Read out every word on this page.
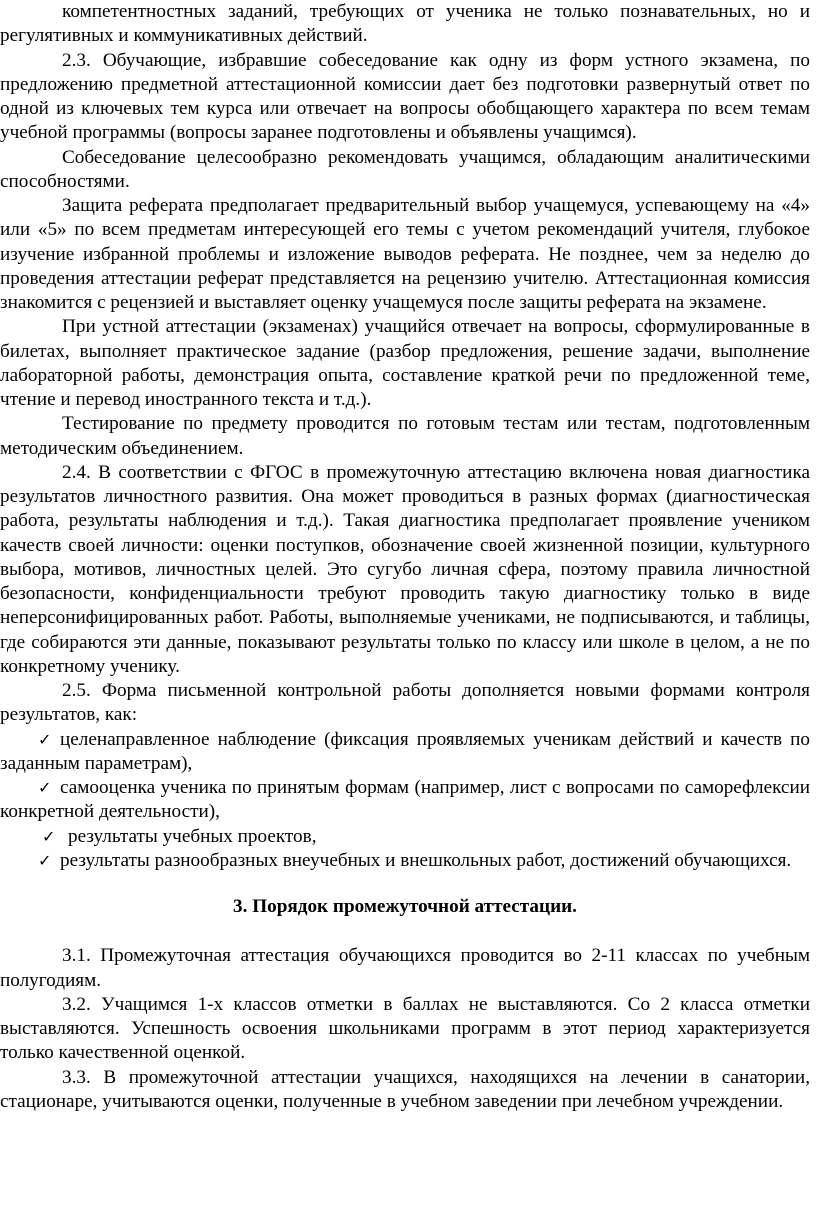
компетентностных заданий, требующих от ученика не только познавательных, но и регулятивных и коммуникативных действий.

2.3. Обучающие, избравшие собеседование как одну из форм устного экзамена, по предложению предметной аттестационной комиссии дает без подготовки развернутый ответ по одной из ключевых тем курса или отвечает на вопросы обобщающего характера по всем темам учебной программы (вопросы заранее подготовлены и объявлены учащимся).

Собеседование целесообразно рекомендовать учащимся, обладающим аналитическими способностями.

Защита реферата предполагает предварительный выбор учащемуся, успевающему на «4» или «5» по всем предметам интересующей его темы с учетом рекомендаций учителя, глубокое изучение избранной проблемы и изложение выводов реферата. Не позднее, чем за неделю до проведения аттестации реферат представляется на рецензию учителю. Аттестационная комиссия знакомится с рецензией и выставляет оценку учащемуся после защиты реферата на экзамене.

При устной аттестации (экзаменах) учащийся отвечает на вопросы, сформулированные в билетах, выполняет практическое задание (разбор предложения, решение задачи, выполнение лабораторной работы, демонстрация опыта, составление краткой речи по предложенной теме, чтение и перевод иностранного текста и т.д.).

Тестирование по предмету проводится по готовым тестам или тестам, подготовленным методическим объединением.

2.4. В соответствии с ФГОС в промежуточную аттестацию включена новая диагностика результатов личностного развития. Она может проводиться в разных формах (диагностическая работа, результаты наблюдения и т.д.). Такая диагностика предполагает проявление учеником качеств своей личности: оценки поступков, обозначение своей жизненной позиции, культурного выбора, мотивов, личностных целей. Это сугубо личная сфера, поэтому правила личностной безопасности, конфиденциальности требуют проводить такую диагностику только в виде неперсонифицированных работ. Работы, выполняемые учениками, не подписываются, и таблицы, где собираются эти данные, показывают результаты только по классу или школе в целом, а не по конкретному ученику.

2.5. Форма письменной контрольной работы дополняется новыми формами контроля результатов, как:

✓ целенаправленное наблюдение (фиксация проявляемых ученикам действий и качеств по заданным параметрам),

✓ самооценка ученика по принятым формам (например, лист с вопросами по саморефлексии конкретной деятельности),

✓ результаты учебных проектов,

✓ результаты разнообразных внеучебных и внешкольных работ, достижений обучающихся.

3. Порядок промежуточной аттестации.

3.1. Промежуточная аттестация обучающихся проводится во 2-11 классах по учебным полугодиям.

3.2. Учащимся 1-х классов отметки в баллах не выставляются. Со 2 класса отметки выставляются. Успешность освоения школьниками программ в этот период характеризуется только качественной оценкой.

3.3. В промежуточной аттестации учащихся, находящихся на лечении в санатории, стационаре, учитываются оценки, полученные в учебном заведении при лечебном учреждении.
